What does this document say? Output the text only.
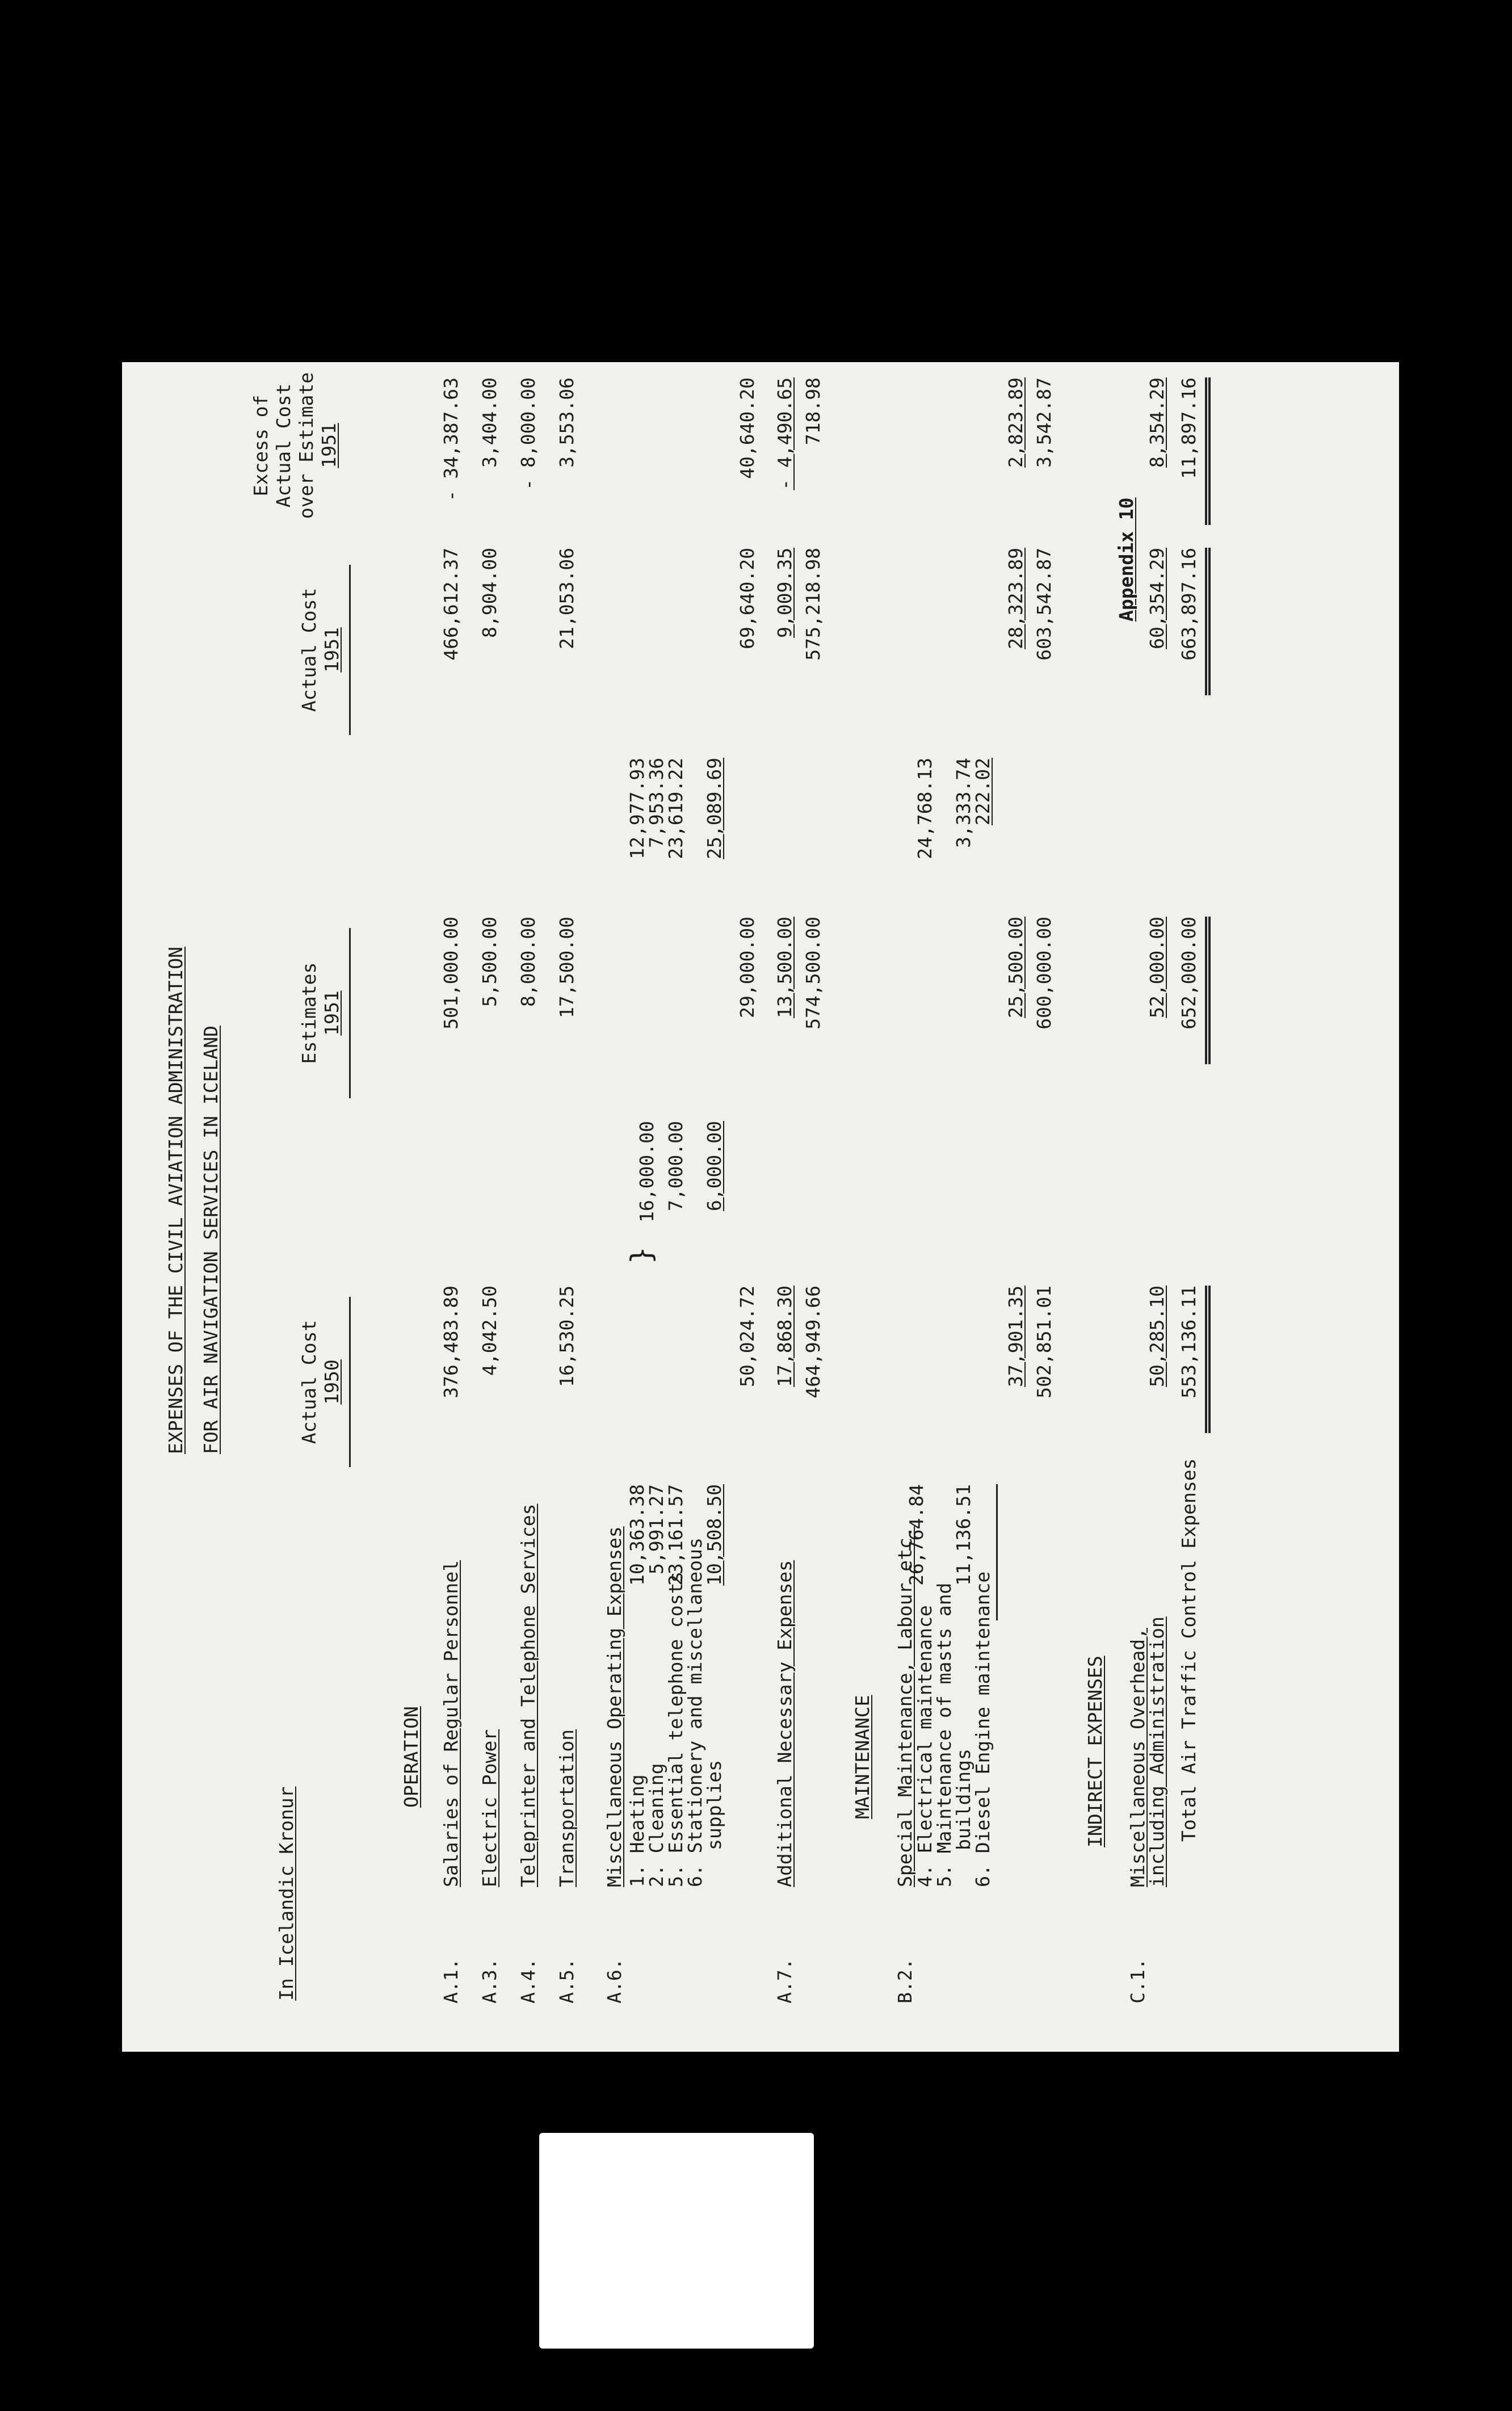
EXPENSES OF THE CIVIL AVIATION ADMINISTRATION FOR AIR NAVIGATION SERVICES IN ICELAND
In Icelandic Kronur
Appendix 10
Actual Cost 1950
Estimates 1951
Actual Cost 1951
Excess of Actual Cost over Estimate 1951
OPERATION
A.1.
Salaries of Regular Personnel
376,483.89
501,000.00
466,612.37
- 34,387.63
A.3.
Electric Power
4,042.50
5,500.00
8,904.00
3,404.00
A.4.
Teleprinter and Telephone Services
8,000.00
- 8,000.00
A.5.
Transportation
16,530.25
17,500.00
21,053.06
3,553.06
A.6.
Miscellaneous Operating Expenses 1. Heating
2. Cleaning
5. Essential telephone costs
6. Stationery and miscellaneous
supplies
10,363.38
5,991.27
23,161.57 10,508.50
}
16,000.00 7,000.00 6,000.00
12,977.93
7,953.36
23,619.22 25,089.69
50,024.72
29,000.00
69,640.20
40,640.20
A.7.
Additional Necessary Expenses
17,868.30
13,500.00
9,009.35
- 4,490.65
464,949.66
574,500.00
575,218.98
718.98
MAINTENANCE
B.2.
Special Maintenance, Labour etc.
4. Electrical maintenance
5. Maintenance of masts and
buildings
6. Diesel Engine maintenance
26,764.84 11,136.51
24,768.13 3,333.74
222.02
37,901.35
25,500.00
28,323.89
2,823.89
502,851.01
600,000.00
603,542.87
3,542.87
INDIRECT EXPENSES
C.1.
Miscellaneous Overhead,
including Administration
50,285.10
52,000.00
60,354.29
8,354.29
Total Air Traffic Control Expenses
553,136.11
652,000.00
663,897.16
11,897.16
